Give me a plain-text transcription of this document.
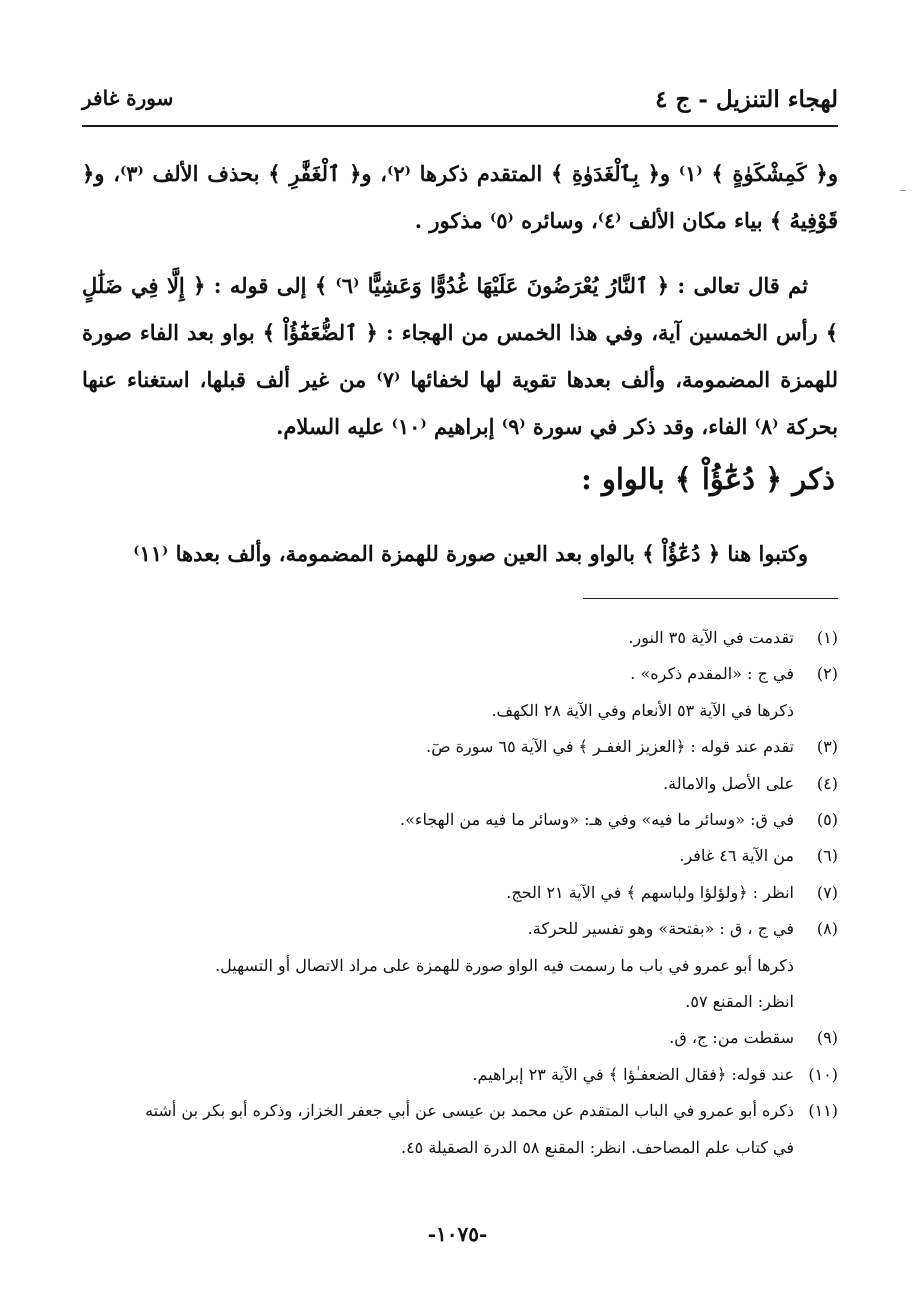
لهجاء التنزيل - ج ٤
سورة غافر
و﴿ كَمِشْكَوٰةٍ ﴾ ⁽١⁾ و﴿ بِٱلْغَدَوٰةِ ﴾ المتقدم ذكرها ⁽٢⁾، و﴿ ٱلْغَفَّٰرِ ﴾ بحذف الألف ⁽٣⁾، و﴿ قَوْفِيهُ ﴾ بياء مكان الألف ⁽٤⁾، وسائره ⁽٥⁾ مذكور .
ثم قال تعالى : ﴿ ٱلنَّارُ يُعْرَضُونَ عَلَيْهَا غُدُوًّا وَعَشِيًّا ⁽٦⁾ ﴾ إلى قوله : ﴿ إِلَّا فِي ضَلَٰلٍ ﴾ رأس الخمسين آية، وفي هذا الخمس من الهجاء : ﴿ ٱلضُّعَفَٰٓؤُاْ ﴾ بواو بعد الفاء صورة للهمزة المضمومة، وألف بعدها تقوية لها لخفائها ⁽٧⁾ من غير ألف قبلها، استغناء عنها بحركة ⁽٨⁾ الفاء، وقد ذكر في سورة ⁽٩⁾ إبراهيم ⁽١٠⁾ عليه السلام.
ذكر ﴿ دُعَٰٓؤُاْ ﴾ بالواو :
وكتبوا هنا ﴿ دُعَٰٓؤُاْ ﴾ بالواو بعد العين صورة للهمزة المضمومة، وألف بعدها ⁽١١⁾
(١)
تقدمت في الآية ٣٥ النور.
(٢)
في ج : «المقدم ذكره» .
ذكرها في الآية ٥٣ الأنعام وفي الآية ٢٨ الكهف.
(٣)
تقدم عند قوله : ﴿العزيز الغفـر ﴾ في الآية ٦٥ سورة صٓ.
(٤)
على الأصل والامالة.
(٥)
في ق: «وسائر ما فيه» وفي هـ: «وسائر ما فيه من الهجاء».
(٦)
من الآية ٤٦ غافر.
(٧)
انظر : ﴿ولؤلؤا ولباسهم ﴾ في الآية ٢١ الحج.
(٨)
في ج ، ق : «بفتحة» وهو تفسير للحركة.
ذكرها أبو عمرو في باب ما رسمت فيه الواو صورة للهمزة على مراد الاتصال أو التسهيل.
انظر: المقنع ٥٧.
(٩)
سقطت من: ج، ق.
(١٠)
عند قوله: ﴿فقال الضعفـٰؤا ﴾ في الآية ٢٣ إبراهيم.
(١١)
ذكره أبو عمرو في الباب المتقدم عن محمد بن عيسى عن أبي جعفر الخزاز، وذكره أبو بكر بن أشته
في كتاب علم المصاحف. انظر: المقنع ٥٨ الدرة الصقيلة ٤٥.
-١٠٧٥-
